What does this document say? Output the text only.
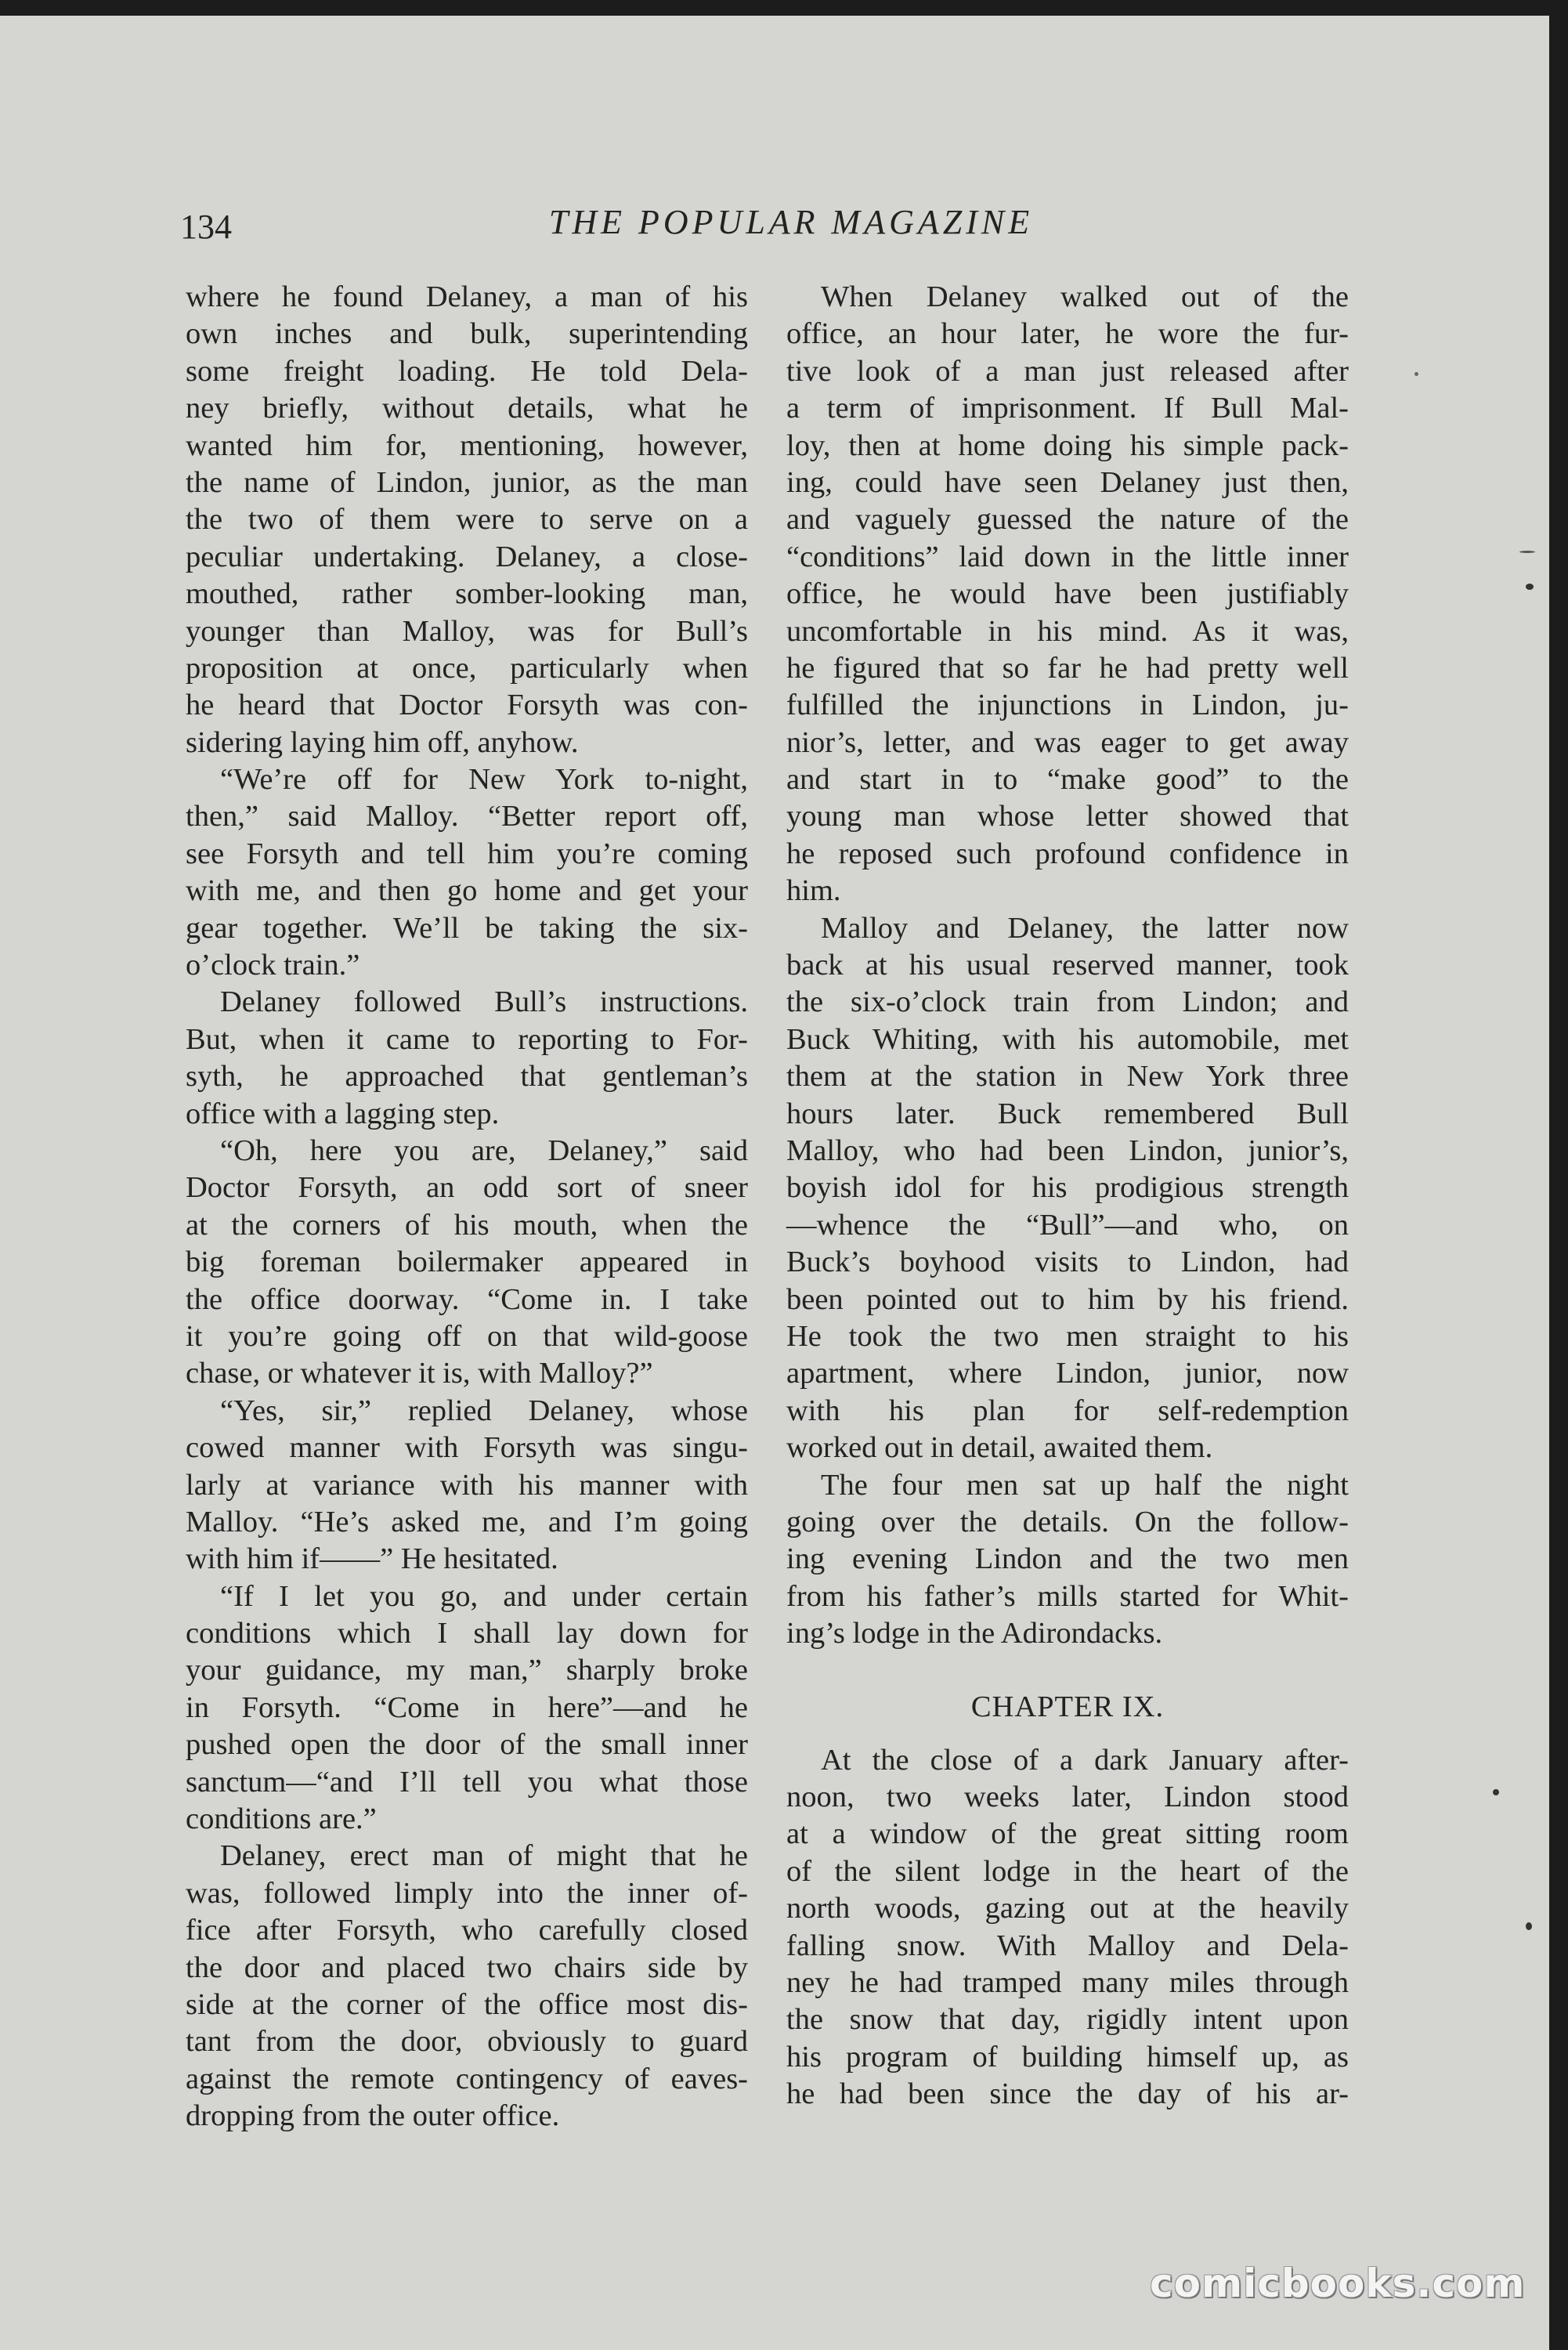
134	THE POPULAR MAGAZINE
where he found Delaney, a man of his
own inches and bulk, superintending
some freight loading. He told Dela-
ney briefly, without details, what he
wanted him for, mentioning, however,
the name of Lindon, junior, as the man
the two of them were to serve on a
peculiar undertaking. Delaney, a close-
mouthed, rather somber-looking man,
younger than Malloy, was for Bull’s
proposition at once, particularly when
he heard that Doctor Forsyth was con-
sidering laying him off, anyhow.
“We’re off for New York to-night,
then,” said Malloy. “Better report off,
see Forsyth and tell him you’re coming
with me, and then go home and get your
gear together. We’ll be taking the six-
o’clock train.”
Delaney followed Bull’s instructions.
But, when it came to reporting to For-
syth, he approached that gentleman’s
office with a lagging step.
“Oh, here you are, Delaney,” said
Doctor Forsyth, an odd sort of sneer
at the corners of his mouth, when the
big foreman boilermaker appeared in
the office doorway. “Come in. I take
it you’re going off on that wild-goose
chase, or whatever it is, with Malloy?”
“Yes, sir,” replied Delaney, whose
cowed manner with Forsyth was singu-
larly at variance with his manner with
Malloy. “He’s asked me, and I’m going
with him if——” He hesitated.
“If I let you go, and under certain
conditions which I shall lay down for
your guidance, my man,” sharply broke
in Forsyth. “Come in here”—and he
pushed open the door of the small inner
sanctum—“and I’ll tell you what those
conditions are.”
Delaney, erect man of might that he
was, followed limply into the inner of-
fice after Forsyth, who carefully closed
the door and placed two chairs side by
side at the corner of the office most dis-
tant from the door, obviously to guard
against the remote contingency of eaves-
dropping from the outer office.
When Delaney walked out of the
office, an hour later, he wore the fur-
tive look of a man just released after
a term of imprisonment. If Bull Mal-
loy, then at home doing his simple pack-
ing, could have seen Delaney just then,
and vaguely guessed the nature of the
“conditions” laid down in the little inner
office, he would have been justifiably
uncomfortable in his mind. As it was,
he figured that so far he had pretty well
fulfilled the injunctions in Lindon, ju-
nior’s, letter, and was eager to get away
and start in to “make good” to the
young man whose letter showed that
he reposed such profound confidence in
him.
Malloy and Delaney, the latter now
back at his usual reserved manner, took
the six-o’clock train from Lindon; and
Buck Whiting, with his automobile, met
them at the station in New York three
hours later. Buck remembered Bull
Malloy, who had been Lindon, junior’s,
boyish idol for his prodigious strength
—whence the “Bull”—and who, on
Buck’s boyhood visits to Lindon, had
been pointed out to him by his friend.
He took the two men straight to his
apartment, where Lindon, junior, now
with his plan for self-redemption
worked out in detail, awaited them.
The four men sat up half the night
going over the details. On the follow-
ing evening Lindon and the two men
from his father’s mills started for Whit-
ing’s lodge in the Adirondacks.
CHAPTER IX.
At the close of a dark January after-
noon, two weeks later, Lindon stood
at a window of the great sitting room
of the silent lodge in the heart of the
north woods, gazing out at the heavily
falling snow. With Malloy and Dela-
ney he had tramped many miles through
the snow that day, rigidly intent upon
his program of building himself up, as
he had been since the day of his ar-
comicbooks.com
